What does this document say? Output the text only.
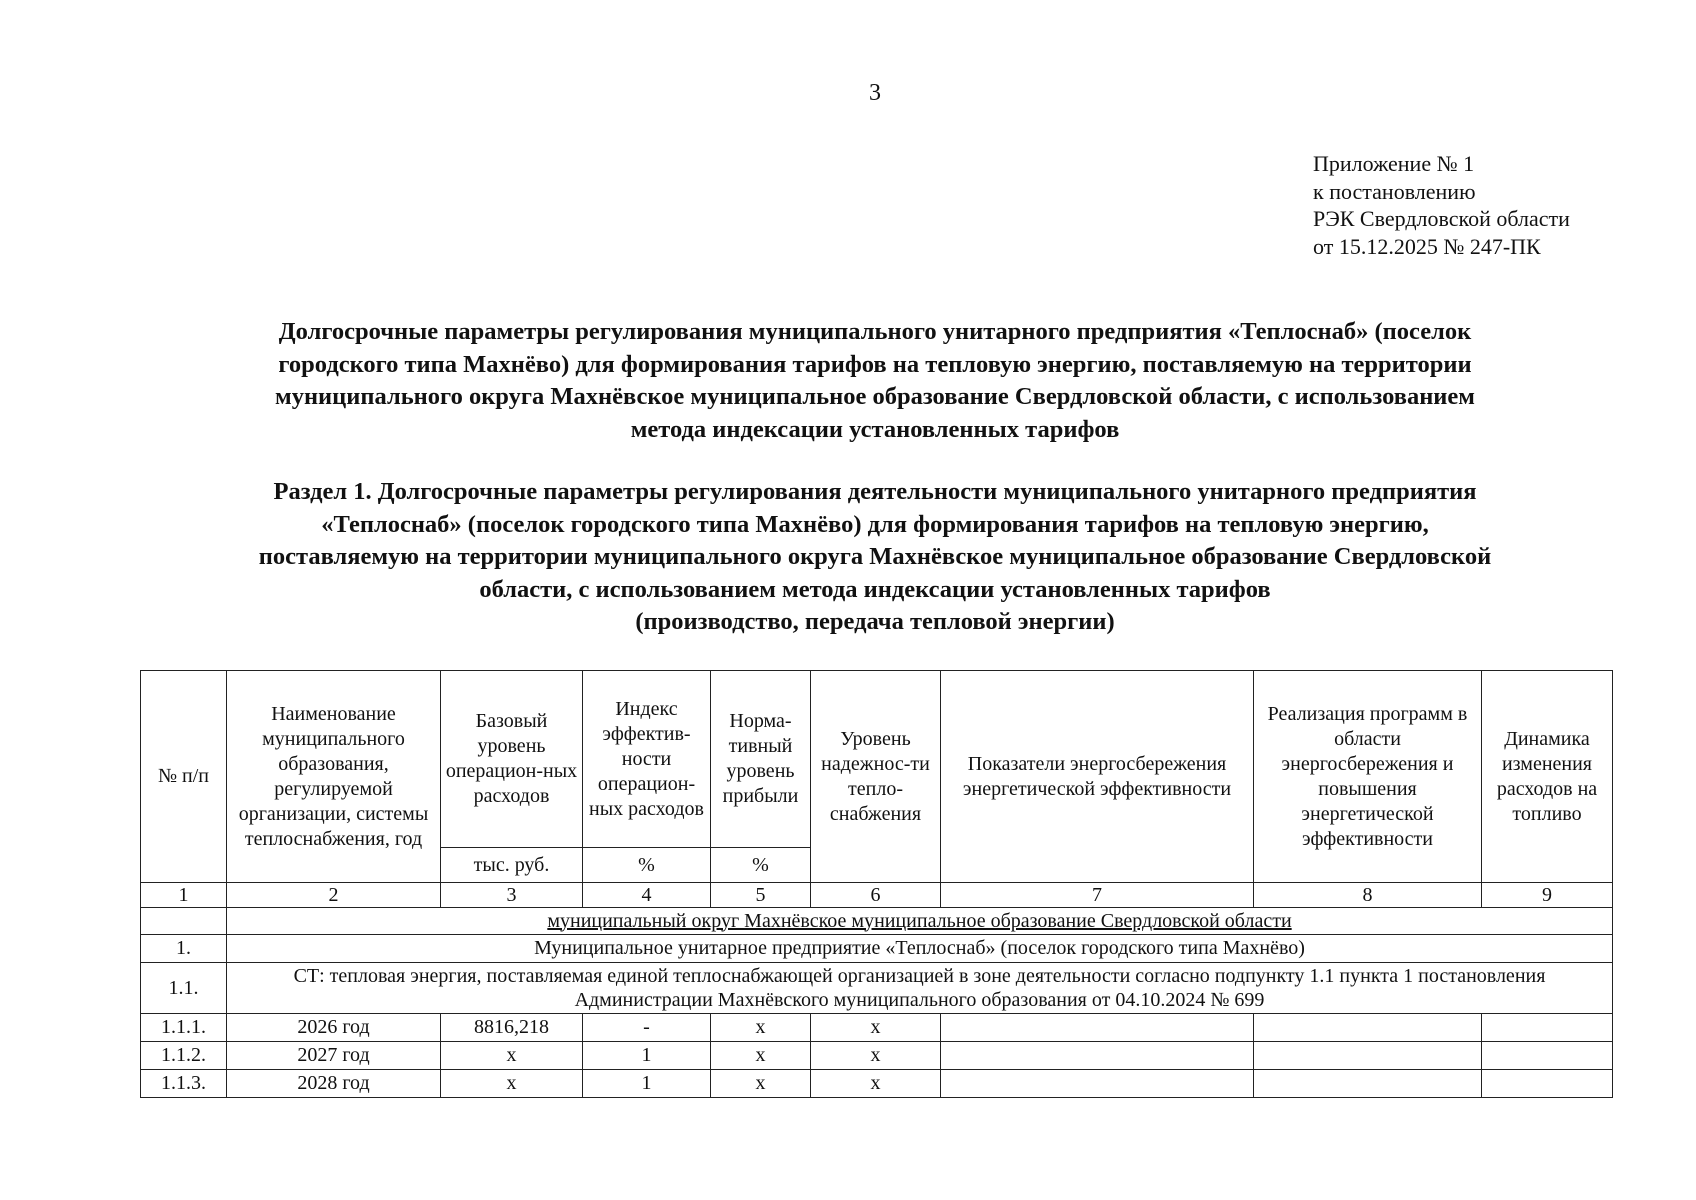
3
Приложение № 1
к постановлению
РЭК Свердловской области
от 15.12.2025 № 247-ПК
Долгосрочные параметры регулирования муниципального унитарного предприятия «Теплоснаб» (поселок
городского типа Махнёво) для формирования тарифов на тепловую энергию, поставляемую на территории
муниципального округа Махнёвское муниципальное образование Свердловской области, с использованием
метода индексации установленных тарифов
Раздел 1. Долгосрочные параметры регулирования деятельности муниципального унитарного предприятия
«Теплоснаб» (поселок городского типа Махнёво) для формирования тарифов на тепловую энергию,
поставляемую на территории муниципального округа Махнёвское муниципальное образование Свердловской
области, с использованием метода индексации установленных тарифов
(производство, передача тепловой энергии)
№ п/п	Наименование муниципального образования, регулируемой организации, системы теплоснабжения, год	Базовый уровень операцион-ных расходов	Индекс эффектив-ности операцион-ных расходов	Норма-тивный уровень прибыли	Уровень надежнос-ти тепло-снабжения	Показатели энергосбережения энергетической эффективности	Реализация программ в области энергосбережения и повышения энергетической эффективности	Динамика изменения расходов на топливо
		тыс. руб.	%	%				
1	2	3	4	5	6	7	8	9
	муниципальный округ Махнёвское муниципальное образование Свердловской области							
1.	Муниципальное унитарное предприятие «Теплоснаб» (поселок городского типа Махнёво)							
1.1.	СТ: тепловая энергия, поставляемая единой теплоснабжающей организацией в зоне деятельности согласно подпункту 1.1 пункта 1 постановления Администрации Махнёвского муниципального образования от 04.10.2024 № 699							
1.1.1.	2026 год	8816,218	-	х	х			
1.1.2.	2027 год	х	1	х	х			
1.1.3.	2028 год	х	1	х	х			
